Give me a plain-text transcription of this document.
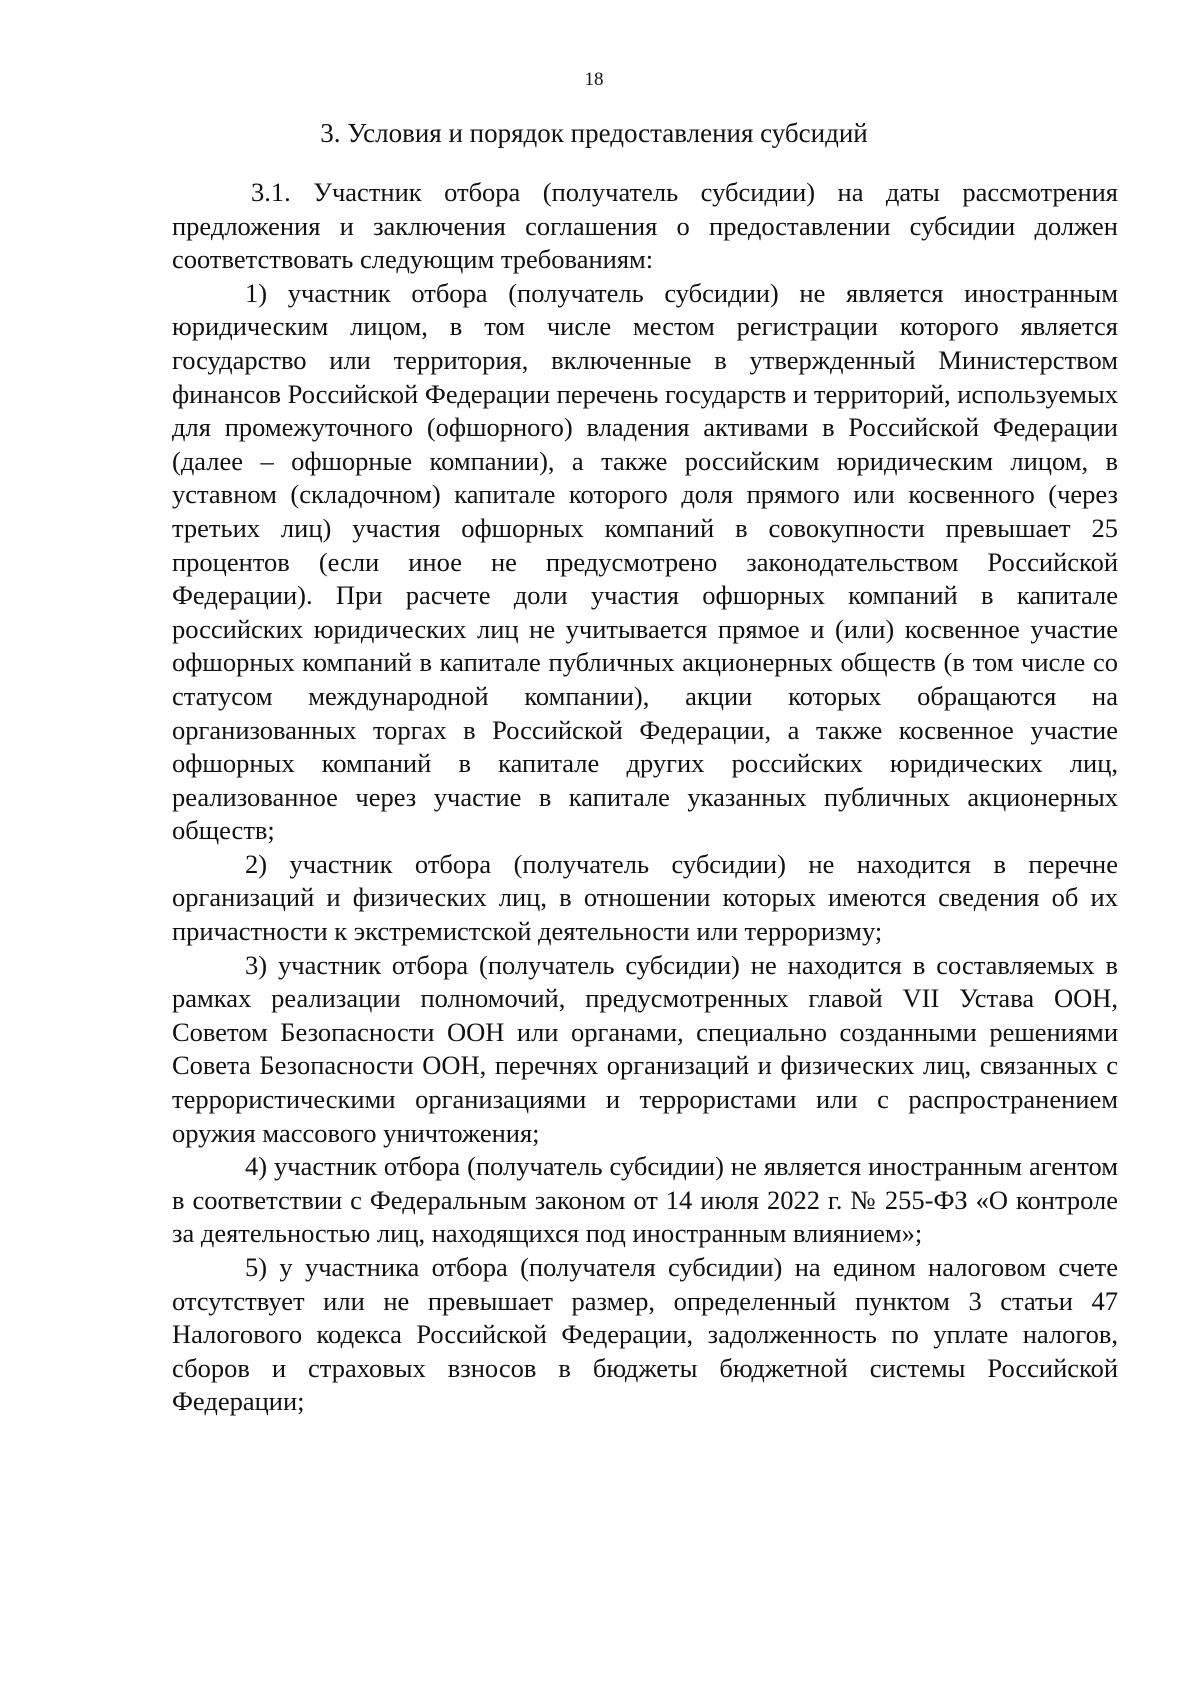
18
3. Условия и порядок предоставления субсидий

3.1. Участник отбора (получатель субсидии) на даты рассмотрения предложения и заключения соглашения о предоставлении субсидии должен соответствовать следующим требованиям:

1) участник отбора (получатель субсидии) не является иностранным юридическим лицом, в том числе местом регистрации которого является государство или территория, включенные в утвержденный Министерством финансов Российской Федерации перечень государств и территорий, используемых для промежуточного (офшорного) владения активами в Российской Федерации (далее – офшорные компании), а также российским юридическим лицом, в уставном (складочном) капитале которого доля прямого или косвенного (через третьих лиц) участия офшорных компаний в совокупности превышает 25 процентов (если иное не предусмотрено законодательством Российской Федерации). При расчете доли участия офшорных компаний в капитале российских юридических лиц не учитывается прямое и (или) косвенное участие офшорных компаний в капитале публичных акционерных обществ (в том числе со статусом международной компании), акции которых обращаются на организованных торгах в Российской Федерации, а также косвенное участие офшорных компаний в капитале других российских юридических лиц, реализованное через участие в капитале указанных публичных акционерных обществ;

2) участник отбора (получатель субсидии) не находится в перечне организаций и физических лиц, в отношении которых имеются сведения об их причастности к экстремистской деятельности или терроризму;

3) участник отбора (получатель субсидии) не находится в составляемых в рамках реализации полномочий, предусмотренных главой VII Устава ООН, Советом Безопасности ООН или органами, специально созданными решениями Совета Безопасности ООН, перечнях организаций и физических лиц, связанных с террористическими организациями и террористами или с распространением оружия массового уничтожения;

4) участник отбора (получатель субсидии) не является иностранным агентом в соответствии с Федеральным законом от 14 июля 2022 г. № 255-ФЗ «О контроле за деятельностью лиц, находящихся под иностранным влиянием»;

5) у участника отбора (получателя субсидии) на едином налоговом счете отсутствует или не превышает размер, определенный пунктом 3 статьи 47 Налогового кодекса Российской Федерации, задолженность по уплате налогов, сборов и страховых взносов в бюджеты бюджетной системы Российской Федерации;
